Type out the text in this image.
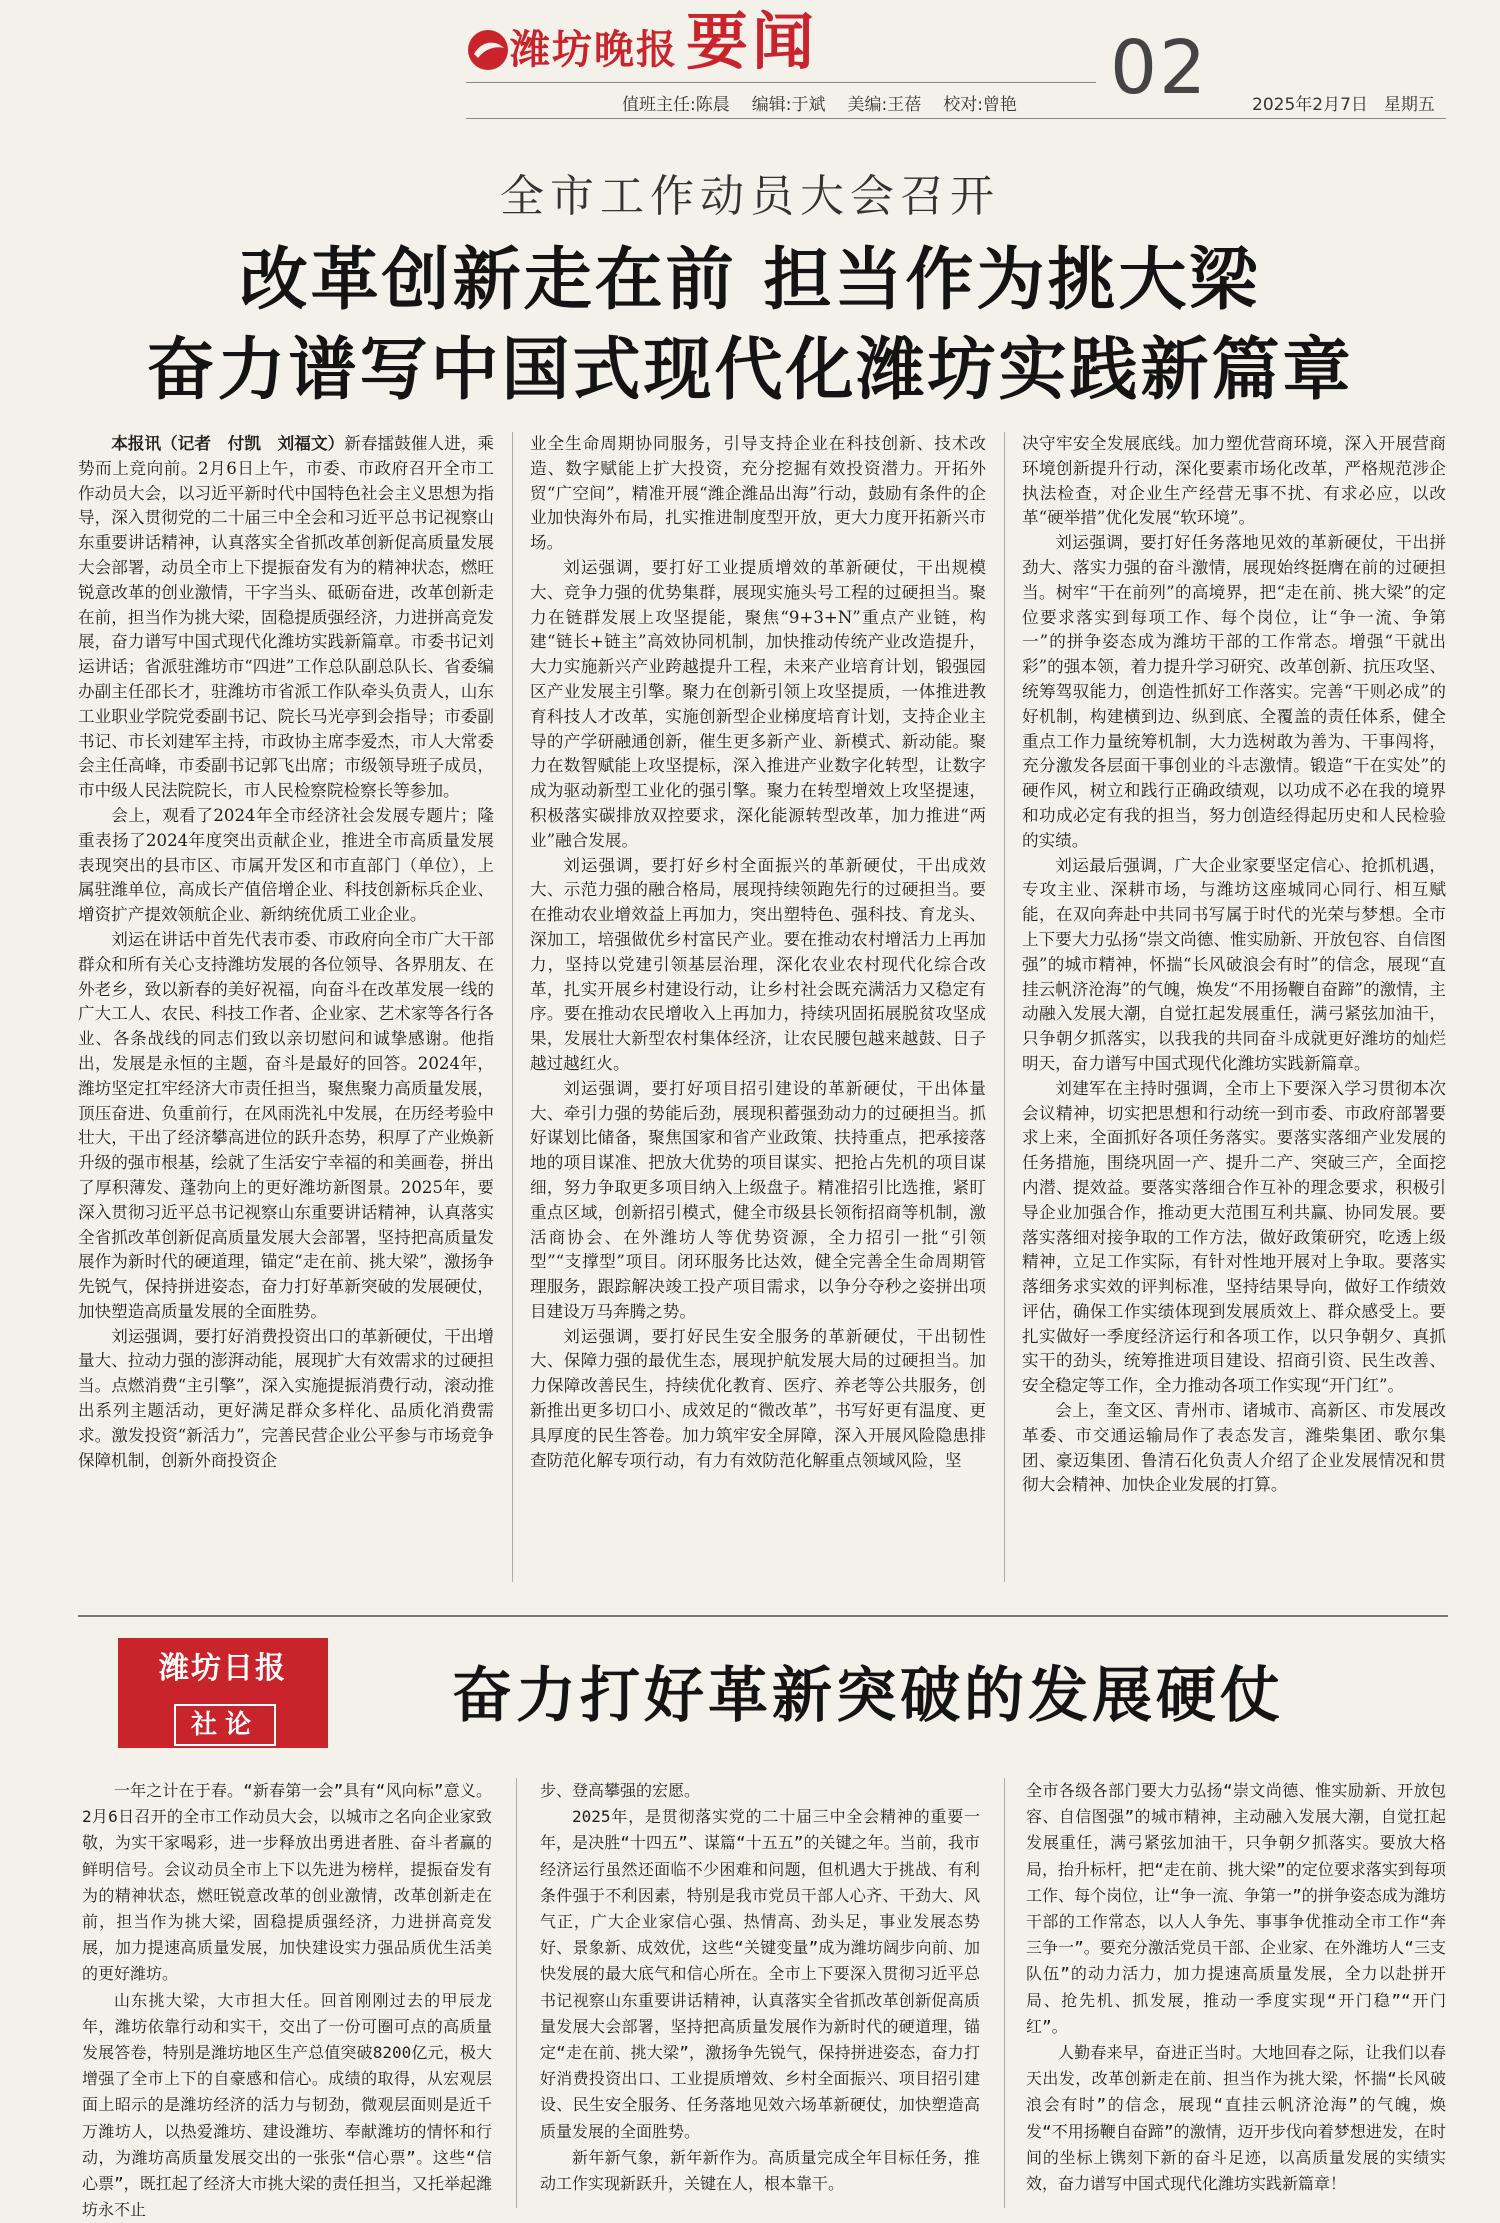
潍坊晚报 要闻	02
值班主任:陈晨 编辑:于斌 美编:王蓓 校对:曾艳	2025年2月7日 星期五
全市工作动员大会召开
改革创新走在前 担当作为挑大梁
奋力谱写中国式现代化潍坊实践新篇章

本报讯（记者　付凯　刘福文）新春擂鼓催人进，乘势而上竞向前。2月6日上午，市委、市政府召开全市工作动员大会，以习近平新时代中国特色社会主义思想为指导，深入贯彻党的二十届三中全会和习近平总书记视察山东重要讲话精神，认真落实全省抓改革创新促高质量发展大会部署，动员全市上下提振奋发有为的精神状态，燃旺锐意改革的创业激情，干字当头、砥砺奋进，改革创新走在前，担当作为挑大梁，固稳提质强经济，力进拼高竞发展，奋力谱写中国式现代化潍坊实践新篇章。市委书记刘运讲话；省派驻潍坊市“四进”工作总队副总队长、省委编办副主任邵长才，驻潍坊市省派工作队牵头负责人，山东工业职业学院党委副书记、院长马光亭到会指导；市委副书记、市长刘建军主持，市政协主席李爱杰，市人大常委会主任高峰，市委副书记郭飞出席；市级领导班子成员，市中级人民法院院长，市人民检察院检察长等参加。

会上，观看了2024年全市经济社会发展专题片；隆重表扬了2024年度突出贡献企业，推进全市高质量发展表现突出的县市区、市属开发区和市直部门（单位），上属驻潍单位，高成长产值倍增企业、科技创新标兵企业、增资扩产提效领航企业、新纳统优质工业企业。

刘运在讲话中首先代表市委、市政府向全市广大干部群众和所有关心支持潍坊发展的各位领导、各界朋友、在外老乡，致以新春的美好祝福，向奋斗在改革发展一线的广大工人、农民、科技工作者、企业家、艺术家等各行各业、各条战线的同志们致以亲切慰问和诚挚感谢。他指出，发展是永恒的主题，奋斗是最好的回答。2024年，潍坊坚定扛牢经济大市责任担当，聚焦聚力高质量发展，顶压奋进、负重前行，在风雨洗礼中发展，在历经考验中壮大，干出了经济攀高进位的跃升态势，积厚了产业焕新升级的强市根基，绘就了生活安宁幸福的和美画卷，拼出了厚积薄发、蓬勃向上的更好潍坊新图景。2025年，要深入贯彻习近平总书记视察山东重要讲话精神，认真落实全省抓改革创新促高质量发展大会部署，坚持把高质量发展作为新时代的硬道理，锚定“走在前、挑大梁”，激扬争先锐气，保持拼进姿态，奋力打好革新突破的发展硬仗，加快塑造高质量发展的全面胜势。

刘运强调，要打好消费投资出口的革新硬仗，干出增量大、拉动力强的澎湃动能，展现扩大有效需求的过硬担当。点燃消费“主引擎”，深入实施提振消费行动，滚动推出系列主题活动，更好满足群众多样化、品质化消费需求。激发投资“新活力”，完善民营企业公平参与市场竞争保障机制，创新外商投资企

业全生命周期协同服务，引导支持企业在科技创新、技术改造、数字赋能上扩大投资，充分挖掘有效投资潜力。开拓外贸“广空间”，精准开展“潍企潍品出海”行动，鼓励有条件的企业加快海外布局，扎实推进制度型开放，更大力度开拓新兴市场。

刘运强调，要打好工业提质增效的革新硬仗，干出规模大、竞争力强的优势集群，展现实施头号工程的过硬担当。聚力在链群发展上攻坚提能，聚焦“9+3+N”重点产业链，构建“链长+链主”高效协同机制，加快推动传统产业改造提升，大力实施新兴产业跨越提升工程，未来产业培育计划，锻强园区产业发展主引擎。聚力在创新引领上攻坚提质，一体推进教育科技人才改革，实施创新型企业梯度培育计划，支持企业主导的产学研融通创新，催生更多新产业、新模式、新动能。聚力在数智赋能上攻坚提标，深入推进产业数字化转型，让数字成为驱动新型工业化的强引擎。聚力在转型增效上攻坚提速，积极落实碳排放双控要求，深化能源转型改革，加力推进“两业”融合发展。

刘运强调，要打好乡村全面振兴的革新硬仗，干出成效大、示范力强的融合格局，展现持续领跑先行的过硬担当。要在推动农业增效益上再加力，突出塑特色、强科技、育龙头、深加工，培强做优乡村富民产业。要在推动农村增活力上再加力，坚持以党建引领基层治理，深化农业农村现代化综合改革，扎实开展乡村建设行动，让乡村社会既充满活力又稳定有序。要在推动农民增收入上再加力，持续巩固拓展脱贫攻坚成果，发展壮大新型农村集体经济，让农民腰包越来越鼓、日子越过越红火。

刘运强调，要打好项目招引建设的革新硬仗，干出体量大、牵引力强的势能后劲，展现积蓄强劲动力的过硬担当。抓好谋划比储备，聚焦国家和省产业政策、扶持重点，把承接落地的项目谋准、把放大优势的项目谋实、把抢占先机的项目谋细，努力争取更多项目纳入上级盘子。精准招引比选推，紧盯重点区域，创新招引模式，健全市级县长领衔招商等机制，激活商协会、在外潍坊人等优势资源，全力招引一批“引领型”“支撑型”项目。闭环服务比达效，健全完善全生命周期管理服务，跟踪解决竣工投产项目需求，以争分夺秒之姿拼出项目建设万马奔腾之势。

刘运强调，要打好民生安全服务的革新硬仗，干出韧性大、保障力强的最优生态，展现护航发展大局的过硬担当。加力保障改善民生，持续优化教育、医疗、养老等公共服务，创新推出更多切口小、成效足的“微改革”，书写好更有温度、更具厚度的民生答卷。加力筑牢安全屏障，深入开展风险隐患排查防范化解专项行动，有力有效防范化解重点领域风险，坚

决守牢安全发展底线。加力塑优营商环境，深入开展营商环境创新提升行动，深化要素市场化改革，严格规范涉企执法检查，对企业生产经营无事不扰、有求必应，以改革“硬举措”优化发展“软环境”。

刘运强调，要打好任务落地见效的革新硬仗，干出拼劲大、落实力强的奋斗激情，展现始终挺膺在前的过硬担当。树牢“干在前列”的高境界，把“走在前、挑大梁”的定位要求落实到每项工作、每个岗位，让“争一流、争第一”的拼争姿态成为潍坊干部的工作常态。增强“干就出彩”的强本领，着力提升学习研究、改革创新、抗压攻坚、统筹驾驭能力，创造性抓好工作落实。完善“干则必成”的好机制，构建横到边、纵到底、全覆盖的责任体系，健全重点工作力量统筹机制，大力选树敢为善为、干事闯将，充分激发各层面干事创业的斗志激情。锻造“干在实处”的硬作风，树立和践行正确政绩观，以功成不必在我的境界和功成必定有我的担当，努力创造经得起历史和人民检验的实绩。

刘运最后强调，广大企业家要坚定信心、抢抓机遇，专攻主业、深耕市场，与潍坊这座城同心同行、相互赋能，在双向奔赴中共同书写属于时代的光荣与梦想。全市上下要大力弘扬“崇文尚德、惟实励新、开放包容、自信图强”的城市精神，怀揣“长风破浪会有时”的信念，展现“直挂云帆济沧海”的气魄，焕发“不用扬鞭自奋蹄”的激情，主动融入发展大潮，自觉扛起发展重任，满弓紧弦加油干，只争朝夕抓落实，以我我的共同奋斗成就更好潍坊的灿烂明天，奋力谱写中国式现代化潍坊实践新篇章。

刘建军在主持时强调，全市上下要深入学习贯彻本次会议精神，切实把思想和行动统一到市委、市政府部署要求上来，全面抓好各项任务落实。要落实落细产业发展的任务措施，围绕巩固一产、提升二产、突破三产，全面挖内潜、提效益。要落实落细合作互补的理念要求，积极引导企业加强合作，推动更大范围互利共赢、协同发展。要落实落细对接争取的工作方法，做好政策研究，吃透上级精神，立足工作实际，有针对性地开展对上争取。要落实落细务求实效的评判标准，坚持结果导向，做好工作绩效评估，确保工作实绩体现到发展质效上、群众感受上。要扎实做好一季度经济运行和各项工作，以只争朝夕、真抓实干的劲头，统筹推进项目建设、招商引资、民生改善、安全稳定等工作，全力推动各项工作实现“开门红”。

会上，奎文区、青州市、诸城市、高新区、市发展改革委、市交通运输局作了表态发言，潍柴集团、歌尔集团、豪迈集团、鲁清石化负责人介绍了企业发展情况和贯彻大会精神、加快企业发展的打算。

潍坊日报
社论	奋力打好革新突破的发展硬仗

一年之计在于春。“新春第一会”具有“风向标”意义。2月6日召开的全市工作动员大会，以城市之名向企业家致敬，为实干家喝彩，进一步释放出勇进者胜、奋斗者赢的鲜明信号。会议动员全市上下以先进为榜样，提振奋发有为的精神状态，燃旺锐意改革的创业激情，改革创新走在前，担当作为挑大梁，固稳提质强经济，力进拼高竞发展，加力提速高质量发展，加快建设实力强品质优生活美的更好潍坊。

山东挑大梁，大市担大任。回首刚刚过去的甲辰龙年，潍坊依靠行动和实干，交出了一份可圈可点的高质量发展答卷，特别是潍坊地区生产总值突破8200亿元，极大增强了全市上下的自豪感和信心。成绩的取得，从宏观层面上昭示的是潍坊经济的活力与韧劲，微观层面则是近千万潍坊人，以热爱潍坊、建设潍坊、奉献潍坊的情怀和行动，为潍坊高质量发展交出的一张张“信心票”。这些“信心票”，既扛起了经济大市挑大梁的责任担当，又托举起潍坊永不止

步、登高攀强的宏愿。

2025年，是贯彻落实党的二十届三中全会精神的重要一年，是决胜“十四五”、谋篇“十五五”的关键之年。当前，我市经济运行虽然还面临不少困难和问题，但机遇大于挑战、有利条件强于不利因素，特别是我市党员干部人心齐、干劲大、风气正，广大企业家信心强、热情高、劲头足，事业发展态势好、景象新、成效优，这些“关键变量”成为潍坊阔步向前、加快发展的最大底气和信心所在。全市上下要深入贯彻习近平总书记视察山东重要讲话精神，认真落实全省抓改革创新促高质量发展大会部署，坚持把高质量发展作为新时代的硬道理，锚定“走在前、挑大梁”，激扬争先锐气，保持拼进姿态，奋力打好消费投资出口、工业提质增效、乡村全面振兴、项目招引建设、民生安全服务、任务落地见效六场革新硬仗，加快塑造高质量发展的全面胜势。

新年新气象，新年新作为。高质量完成全年目标任务，推动工作实现新跃升，关键在人，根本靠干。

全市各级各部门要大力弘扬“崇文尚德、惟实励新、开放包容、自信图强”的城市精神，主动融入发展大潮，自觉扛起发展重任，满弓紧弦加油干，只争朝夕抓落实。要放大格局，抬升标杆，把“走在前、挑大梁”的定位要求落实到每项工作、每个岗位，让“争一流、争第一”的拼争姿态成为潍坊干部的工作常态，以人人争先、事事争优推动全市工作“奔三争一”。要充分激活党员干部、企业家、在外潍坊人“三支队伍”的动力活力，加力提速高质量发展，全力以赴拼开局、抢先机、抓发展，推动一季度实现“开门稳”“开门红”。

人勤春来早，奋进正当时。大地回春之际，让我们以春天出发，改革创新走在前、担当作为挑大梁，怀揣“长风破浪会有时”的信念，展现“直挂云帆济沧海”的气魄，焕发“不用扬鞭自奋蹄”的激情，迈开步伐向着梦想进发，在时间的坐标上镌刻下新的奋斗足迹，以高质量发展的实绩实效，奋力谱写中国式现代化潍坊实践新篇章！
